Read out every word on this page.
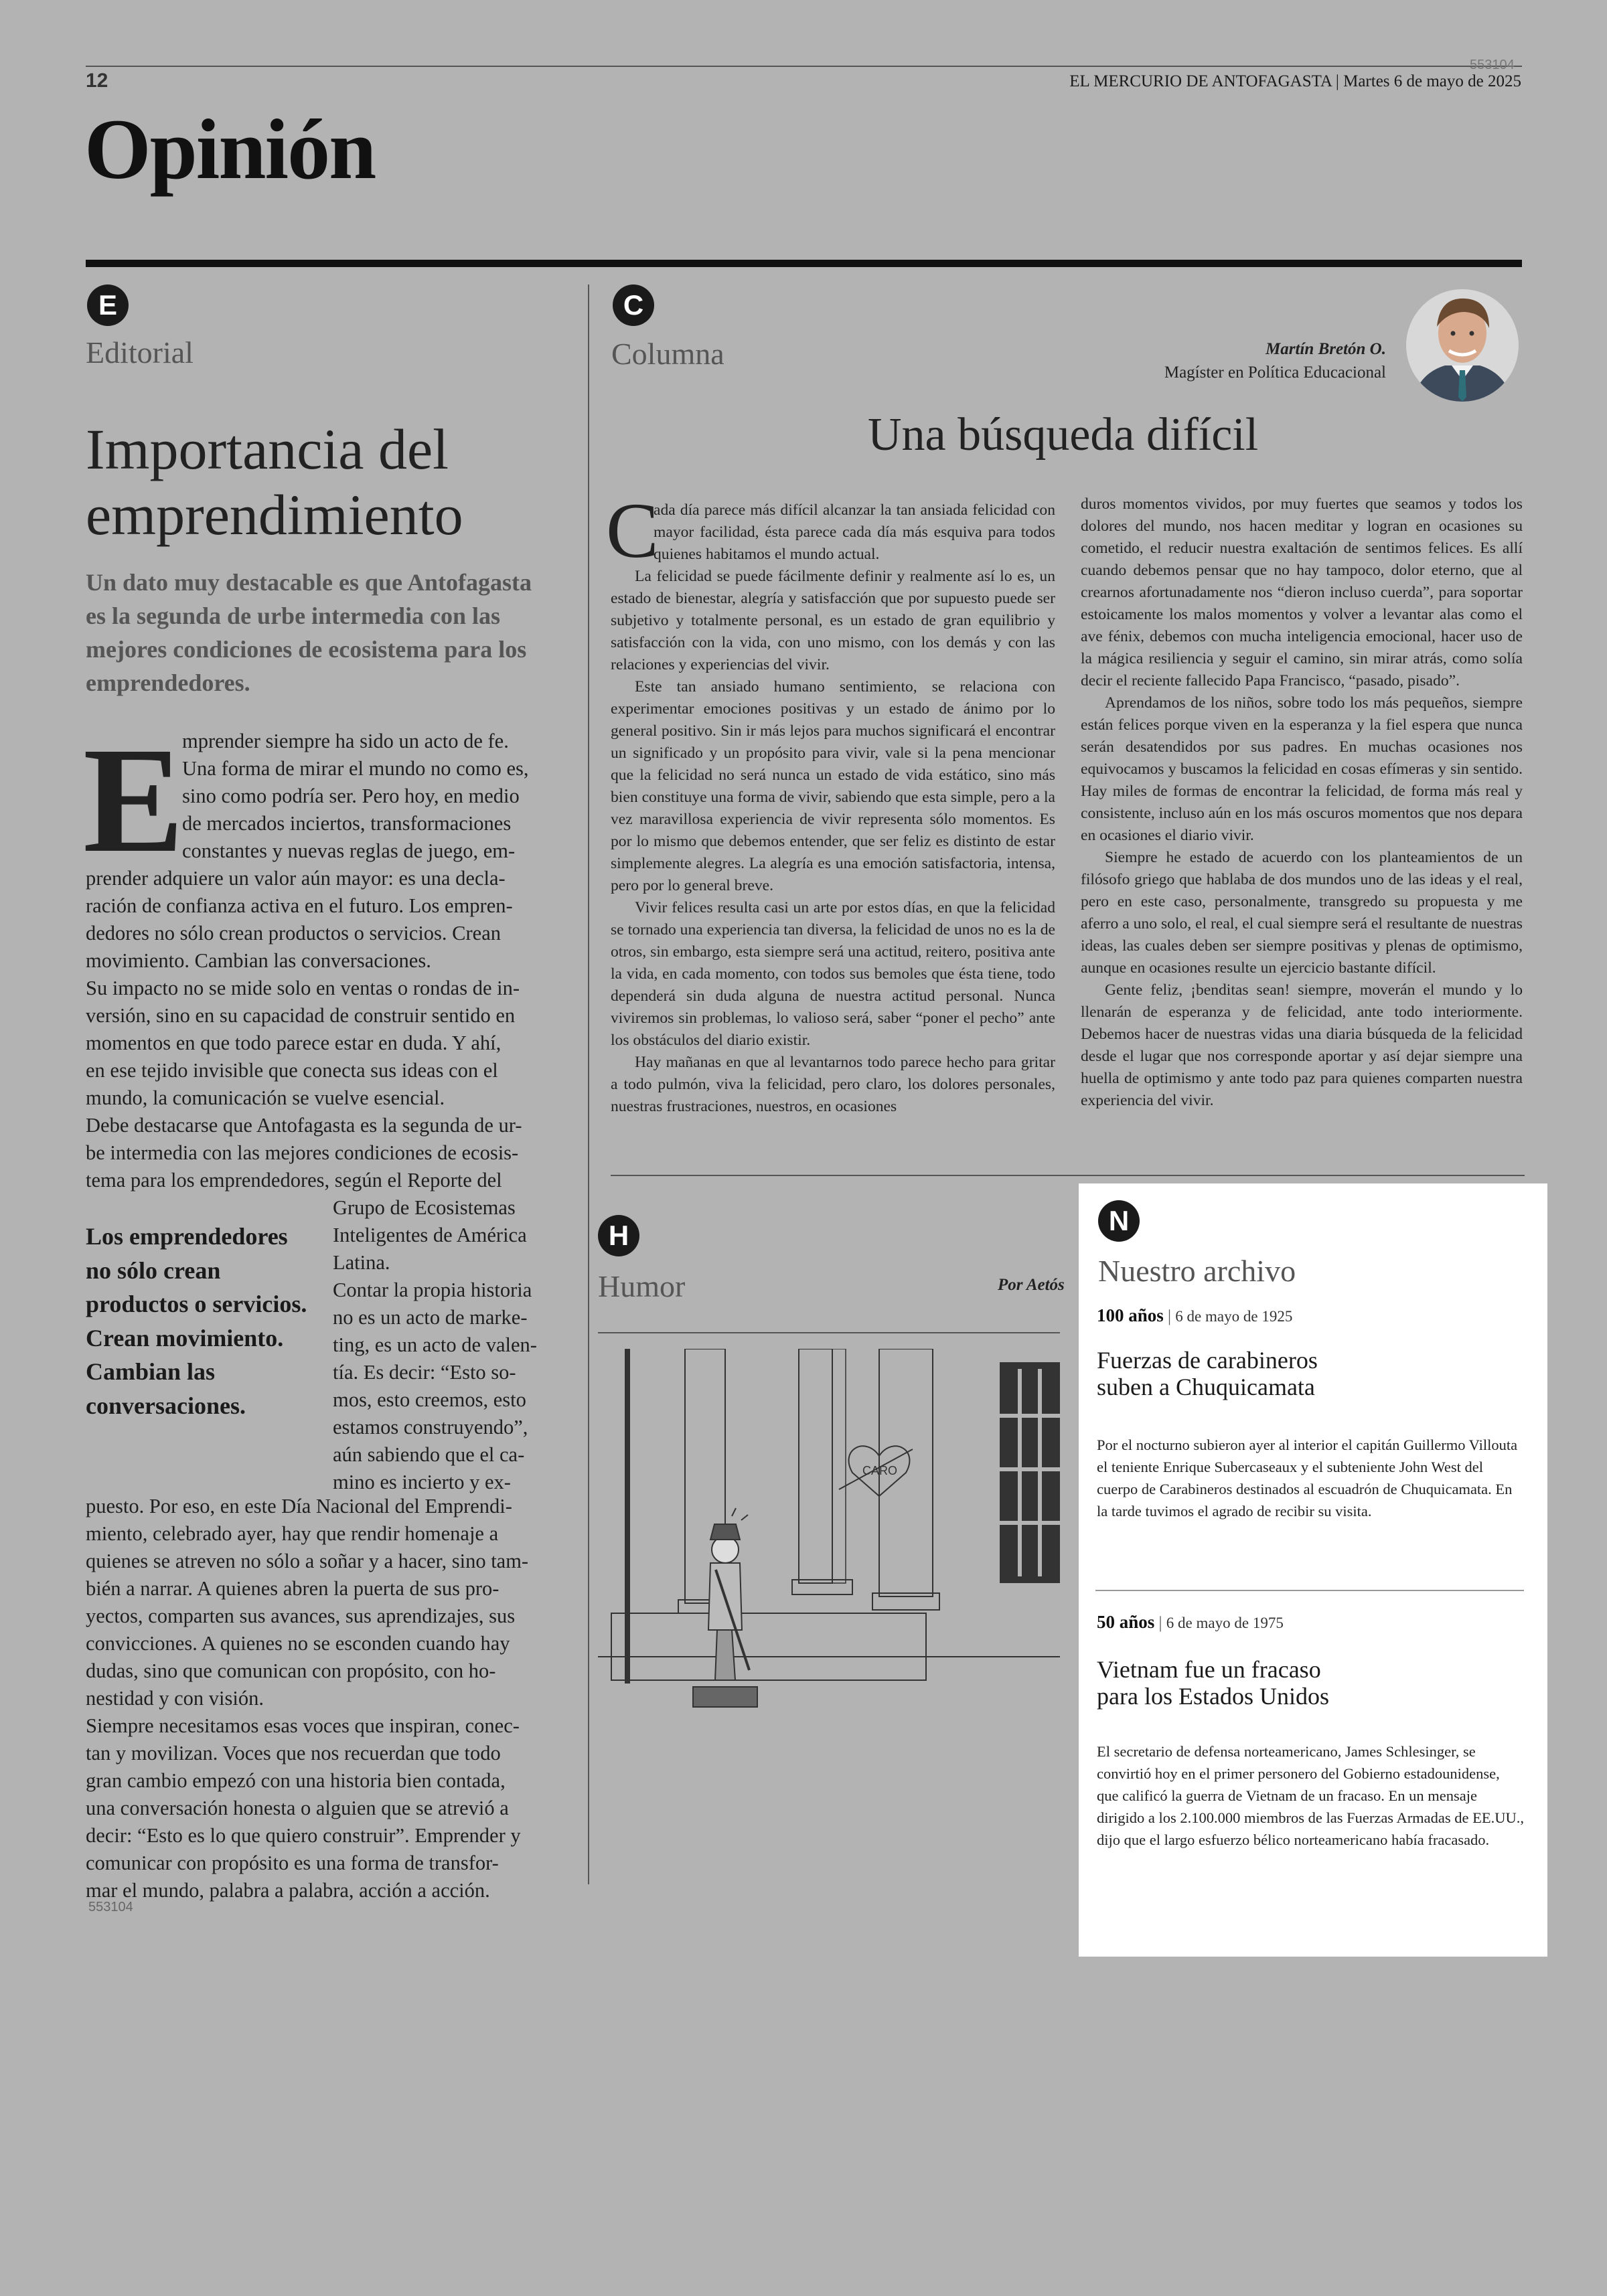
12
553104
EL MERCURIO DE ANTOFAGASTA | Martes 6 de mayo de 2025
Opinión
E
Editorial
Importancia del
emprendimiento
Un dato muy destacable es que Antofagasta es la segunda de urbe intermedia con las mejores condiciones de ecosistema para los emprendedores.
E
mprender siempre ha sido un acto de fe.
Una forma de mirar el mundo no como es,
sino como podría ser. Pero hoy, en medio
de mercados inciertos, transformaciones
constantes y nuevas reglas de juego, em-
prender adquiere un valor aún mayor: es una decla-
ración de confianza activa en el futuro. Los empren-
dedores no sólo crean productos o servicios. Crean
movimiento. Cambian las conversaciones.
Su impacto no se mide solo en ventas o rondas de in-
versión, sino en su capacidad de construir sentido en
momentos en que todo parece estar en duda. Y ahí,
en ese tejido invisible que conecta sus ideas con el
mundo, la comunicación se vuelve esencial.
Debe destacarse que Antofagasta es la segunda de ur-
be intermedia con las mejores condiciones de ecosis-
tema para los emprendedores, según el Reporte del
Los emprendedores no sólo crean productos o servicios. Crean movimiento. Cambian las conversaciones.
Grupo de Ecosistemas
Inteligentes de América
Latina.
Contar la propia historia
no es un acto de marke-
ting, es un acto de valen-
tía. Es decir: “Esto so-
mos, esto creemos, esto
estamos construyendo”,
aún sabiendo que el ca-
mino es incierto y ex-
puesto. Por eso, en este Día Nacional del Emprendi-
miento, celebrado ayer, hay que rendir homenaje a
quienes se atreven no sólo a soñar y a hacer, sino tam-
bién a narrar. A quienes abren la puerta de sus pro-
yectos, comparten sus avances, sus aprendizajes, sus
convicciones. A quienes no se esconden cuando hay
dudas, sino que comunican con propósito, con ho-
nestidad y con visión.
Siempre necesitamos esas voces que inspiran, conec-
tan y movilizan. Voces que nos recuerdan que todo
gran cambio empezó con una historia bien contada,
una conversación honesta o alguien que se atrevió a
decir: “Esto es lo que quiero construir”. Emprender y
comunicar con propósito es una forma de transfor-
mar el mundo, palabra a palabra, acción a acción.
553104
C
Columna	Martín Bretón O.
Magíster en Política Educacional
Una búsqueda difícil
C

ada día parece más difícil alcanzar la tan ansiada felicidad con mayor facilidad, ésta parece cada día más esquiva para todos quienes habitamos el mundo actual.

La felicidad se puede fácilmente definir y realmente así lo es, un estado de bienestar, alegría y satisfacción que por supuesto puede ser subjetivo y totalmente personal, es un estado de gran equilibrio y satisfacción con la vida, con uno mismo, con los demás y con las relaciones y experiencias del vivir.

Este tan ansiado humano sentimiento, se relaciona con experimentar emociones positivas y un estado de ánimo por lo general positivo. Sin ir más lejos para muchos significará el encontrar un significado y un propósito para vivir, vale si la pena mencionar que la felicidad no será nunca un estado de vida estático, sino más bien constituye una forma de vivir, sabiendo que esta simple, pero a la vez maravillosa experiencia de vivir representa sólo momentos. Es por lo mismo que debemos entender, que ser feliz es distinto de estar simplemente alegres. La alegría es una emoción satisfactoria, intensa, pero por lo general breve.

Vivir felices resulta casi un arte por estos días, en que la felicidad se tornado una experiencia tan diversa, la felicidad de unos no es la de otros, sin embargo, esta siempre será una actitud, reitero, positiva ante la vida, en cada momento, con todos sus bemoles que ésta tiene, todo dependerá sin duda alguna de nuestra actitud personal. Nunca viviremos sin problemas, lo valioso será, saber “poner el pecho” ante los obstáculos del diario existir.

Hay mañanas en que al levantarnos todo parece hecho para gritar a todo pulmón, viva la felicidad, pero claro, los dolores personales, nuestras frustraciones, nuestros, en ocasiones

duros momentos vividos, por muy fuertes que seamos y todos los dolores del mundo, nos hacen meditar y logran en ocasiones su cometido, el reducir nuestra exaltación de sentimos felices. Es allí cuando debemos pensar que no hay tampoco, dolor eterno, que al crearnos afortunadamente nos “dieron incluso cuerda”, para soportar estoicamente los malos momentos y volver a levantar alas como el ave fénix, debemos con mucha inteligencia emocional, hacer uso de la mágica resiliencia y seguir el camino, sin mirar atrás, como solía decir el reciente fallecido Papa Francisco, “pasado, pisado”.

Aprendamos de los niños, sobre todo los más pequeños, siempre están felices porque viven en la esperanza y la fiel espera que nunca serán desatendidos por sus padres. En muchas ocasiones nos equivocamos y buscamos la felicidad en cosas efímeras y sin sentido. Hay miles de formas de encontrar la felicidad, de forma más real y consistente, incluso aún en los más oscuros momentos que nos depara en ocasiones el diario vivir.

Siempre he estado de acuerdo con los planteamientos de un filósofo griego que hablaba de dos mundos uno de las ideas y el real, pero en este caso, personalmente, transgredo su propuesta y me aferro a uno solo, el real, el cual siempre será el resultante de nuestras ideas, las cuales deben ser siempre positivas y plenas de optimismo, aunque en ocasiones resulte un ejercicio bastante difícil.

Gente feliz, ¡benditas sean! siempre, moverán el mundo y lo llenarán de esperanza y de felicidad, ante todo interiormente. Debemos hacer de nuestras vidas una diaria búsqueda de la felicidad desde el lugar que nos corresponde aportar y así dejar siempre una huella de optimismo y ante todo paz para quienes comparten nuestra experiencia del vivir.

H
Humor	Por Aetós
CARO
N
Nuestro archivo
100 años | 6 de mayo de 1925
Fuerzas de carabineros
suben a Chuquicamata
Por el nocturno subieron ayer al interior el capitán Guillermo Villouta el teniente Enrique Subercaseaux y el subteniente John West del cuerpo de Carabineros destinados al escuadrón de Chuquicamata. En la tarde tuvimos el agrado de recibir su visita.
50 años | 6 de mayo de 1975
Vietnam fue un fracaso
para los Estados Unidos
El secretario de defensa norteamericano, James Schlesinger, se convirtió hoy en el primer personero del Gobierno estadounidense, que calificó la guerra de Vietnam de un fracaso. En un mensaje dirigido a los 2.100.000 miembros de las Fuerzas Armadas de EE.UU., dijo que el largo esfuerzo bélico norteamericano había fracasado.
